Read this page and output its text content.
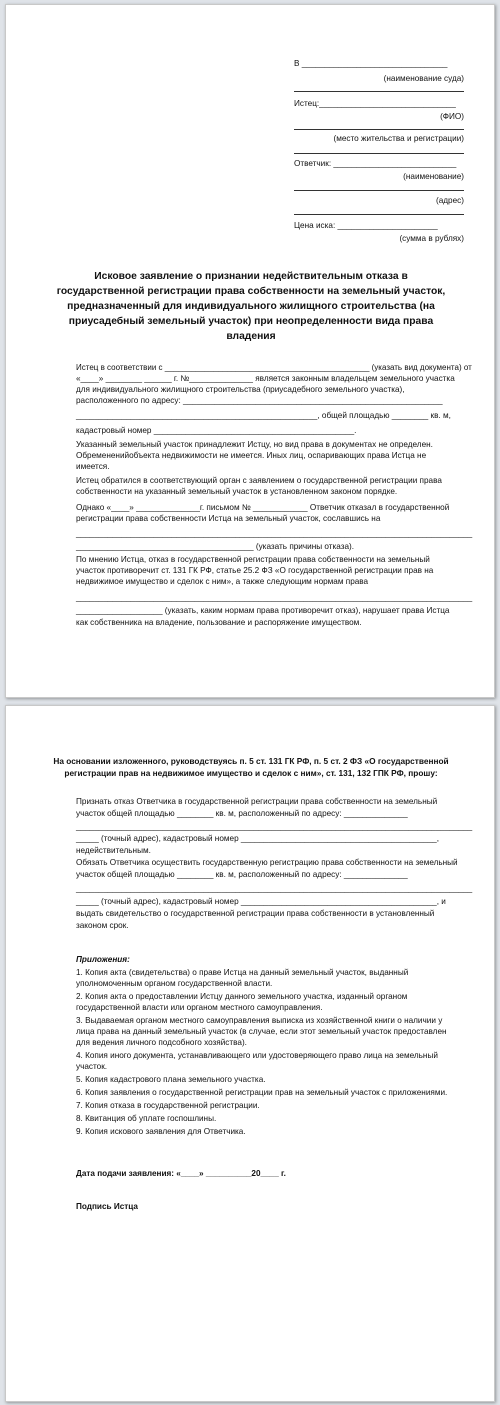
В ________________________________
(наименование суда)
Истец:______________________________
(ФИО)
(место жительства и регистрации)
Ответчик: ___________________________
(наименование)
(адрес)
Цена иска: ______________________
(сумма в рублях)
Исковое заявление о признании недействительным отказа в
государственной регистрации права собственности на земельный участок,
предназначенный для индивидуального жилищного строительства (на
приусадебный земельный участок) при неопределенности вида права
владения
Истец в соответствии с ______________________________________________ (указать вид документа) от
«____» ________ ______ г. №______________ является законным владельцем земельного участка
для индивидуального жилищного строительства (приусадебного земельного участка),
расположенного по адресу: _________________________________________________________
_____________________________________________________, общей площадью ________ кв. м,
кадастровый номер ____________________________________________.
Указанный земельный участок принадлежит Истцу, но вид права в документах не определен.
Обремененийобъекта недвижимости не имеется. Иных лиц, оспаривающих права Истца не
имеется.
Истец обратился в соответствующий орган с заявлением о государственной регистрации права
собственности на указанный земельный участок в установленном законом порядке.
Однако «____» ______________г. письмом № ____________ Ответчик отказал в государственной
регистрации права собственности Истца на земельный участок, сославшись на
_______________________________________________________________________________________
_______________________________________ (указать причины отказа).
По мнению Истца, отказ в государственной регистрации права собственности на земельный
участок противоречит ст. 131 ГК РФ, статье 25.2 ФЗ «О государственной регистрации прав на
недвижимое имущество и сделок с ним», а также следующим нормам права
_______________________________________________________________________________________
___________________ (указать, каким нормам права противоречит отказ), нарушает права Истца
как собственника на владение, пользование и распоряжение имуществом.
На основании изложенного, руководствуясь п. 5 ст. 131 ГК РФ, п. 5 ст. 2 ФЗ «О государственной
регистрации прав на недвижимое имущество и сделок с ним», ст. 131, 132 ГПК РФ, прошу:
Признать отказ Ответчика в государственной регистрации права собственности на земельный
участок общей площадью ________ кв. м, расположенный по адресу: ______________
_______________________________________________________________________________________
_____ (точный адрес), кадастровый номер ___________________________________________,
недействительным.
Обязать Ответчика осуществить государственную регистрацию права собственности на земельный
участок общей площадью ________ кв. м, расположенный по адресу: ______________
_______________________________________________________________________________________
_____ (точный адрес), кадастровый номер ___________________________________________, и
выдать свидетельство о государственной регистрации права собственности в установленный
законом срок.
Приложения:
1. Копия акта (свидетельства) о праве Истца на данный земельный участок, выданный
уполномоченным органом государственной власти.
2. Копия акта о предоставлении Истцу данного земельного участка, изданный органом
государственной власти или органом местного самоуправления.
3. Выдаваемая органом местного самоуправления выписка из хозяйственной книги о наличии у
лица права на данный земельный участок (в случае, если этот земельный участок предоставлен
для ведения личного подсобного хозяйства).
4. Копия иного документа, устанавливающего или удостоверяющего право лица на земельный
участок.
5. Копия кадастрового плана земельного участка.
6. Копия заявления о государственной регистрации прав на земельный участок с приложениями.
7. Копия отказа в государственной регистрации.
8. Квитанция об уплате госпошлины.
9. Копия искового заявления для Ответчика.
Дата подачи заявления: «____» __________20____ г.
Подпись Истца
